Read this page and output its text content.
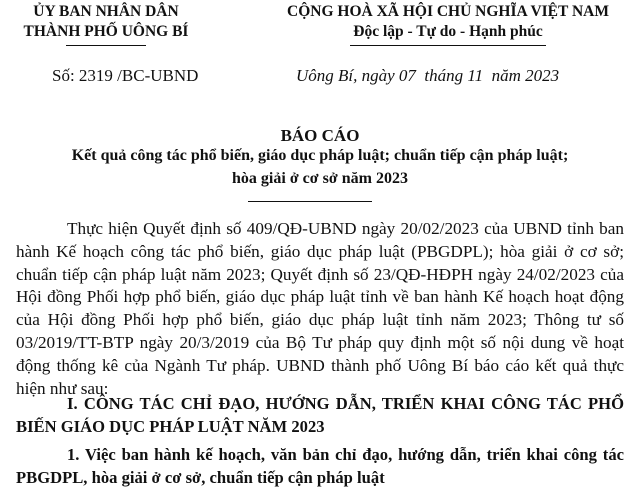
ỦY BAN NHÂN DÂN
THÀNH PHỐ UÔNG BÍ
CỘNG HOÀ XÃ HỘI CHỦ NGHĨA VIỆT NAM
Độc lập - Tự do - Hạnh phúc
Số: 2319 /BC-UBND	Uông Bí, ngày 07  tháng 11  năm 2023
BÁO CÁO
Kết quả công tác phổ biến, giáo dục pháp luật; chuẩn tiếp cận pháp luật;
hòa giải ở cơ sở năm 2023
Thực hiện Quyết định số 409/QĐ-UBND ngày 20/02/2023 của UBND tỉnh ban hành Kế hoạch công tác phổ biến, giáo dục pháp luật (PBGDPL); hòa giải ở cơ sở; chuẩn tiếp cận pháp luật năm 2023; Quyết định số 23/QĐ-HĐPH ngày 24/02/2023 của Hội đồng Phối hợp phổ biến, giáo dục pháp luật tỉnh về ban hành Kế hoạch hoạt động của Hội đồng Phối hợp phổ biến, giáo dục pháp luật tỉnh năm 2023; Thông tư số 03/2019/TT-BTP ngày 20/3/2019 của Bộ Tư pháp quy định một số nội dung về hoạt động thống kê của Ngành Tư pháp. UBND thành phố Uông Bí báo cáo kết quả thực hiện như sau:
I. CÔNG TÁC CHỈ ĐẠO, HƯỚNG DẪN, TRIỂN KHAI CÔNG TÁC PHỔ BIẾN GIÁO DỤC PHÁP LUẬT NĂM 2023
1. Việc ban hành kế hoạch, văn bản chỉ đạo, hướng dẫn, triển khai công tác PBGDPL, hòa giải ở cơ sở, chuẩn tiếp cận pháp luật
